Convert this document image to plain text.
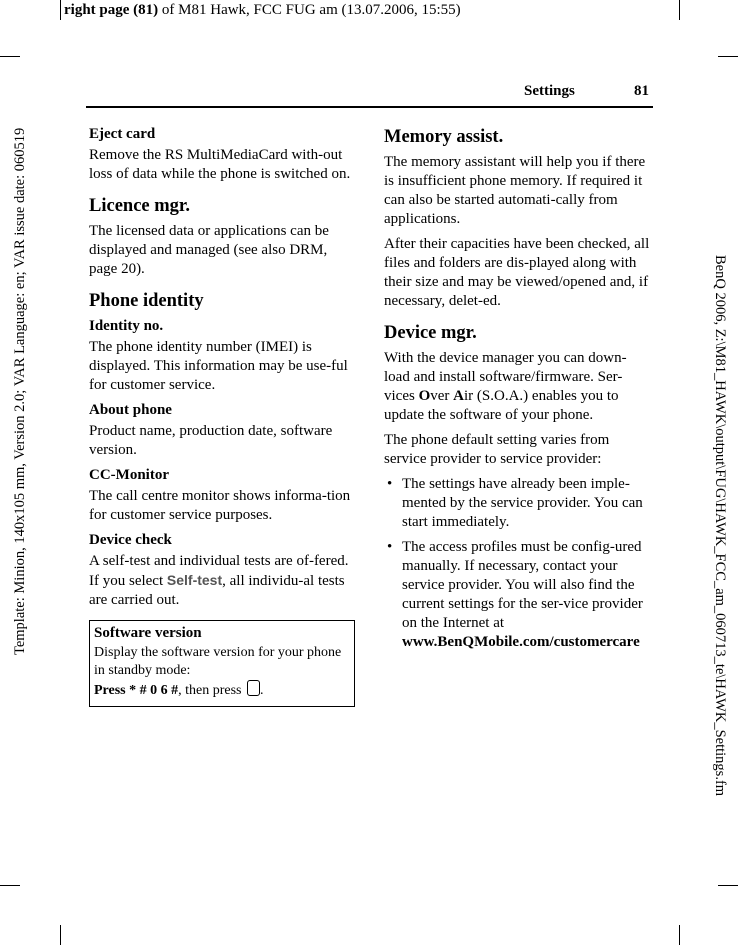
right page (81) of M81 Hawk, FCC FUG am (13.07.2006, 15:55)
Template: Minion, 140x105 mm, Version 2.0; VAR Language: en; VAR issue date: 060519	BenQ 2006, Z:\M81_HAWK\output\FUG\HAWK_FCC_am_060713_te\HAWK_Settings.fm
Settings	81
Eject card

Remove the RS MultiMediaCard with-out loss of data while the phone is switched on.

Licence mgr.

The licensed data or applications can be displayed and managed (see also DRM, page 20).

Phone identity
Identity no.

The phone identity number (IMEI) is displayed. This information may be use-ful for customer service.

About phone

Product name, production date, software version.

CC-Monitor

The call centre monitor shows informa-tion for customer service purposes.

Device check

A self-test and individual tests are of-fered. If you select Self-test, all individu-al tests are carried out.

Software version
Display the software version for your phone in standby mode:
Press * # 0 6 #, then press .
Memory assist.

The memory assistant will help you if there is insufficient phone memory. If required it can also be started automati-cally from applications.

After their capacities have been checked, all files and folders are dis-played along with their size and may be viewed/opened and, if necessary, delet-ed.

Device mgr.

With the device manager you can down-load and install software/firmware. Ser-vices Over Air (S.O.A.) enables you to update the software of your phone.

The phone default setting varies from service provider to service provider:

• The settings have already been imple-mented by the service provider. You can start immediately.
• The access profiles must be config-ured manually. If necessary, contact your service provider. You will also find the current settings for the ser-vice provider on the Internet at
www.BenQMobile.com/customercare
